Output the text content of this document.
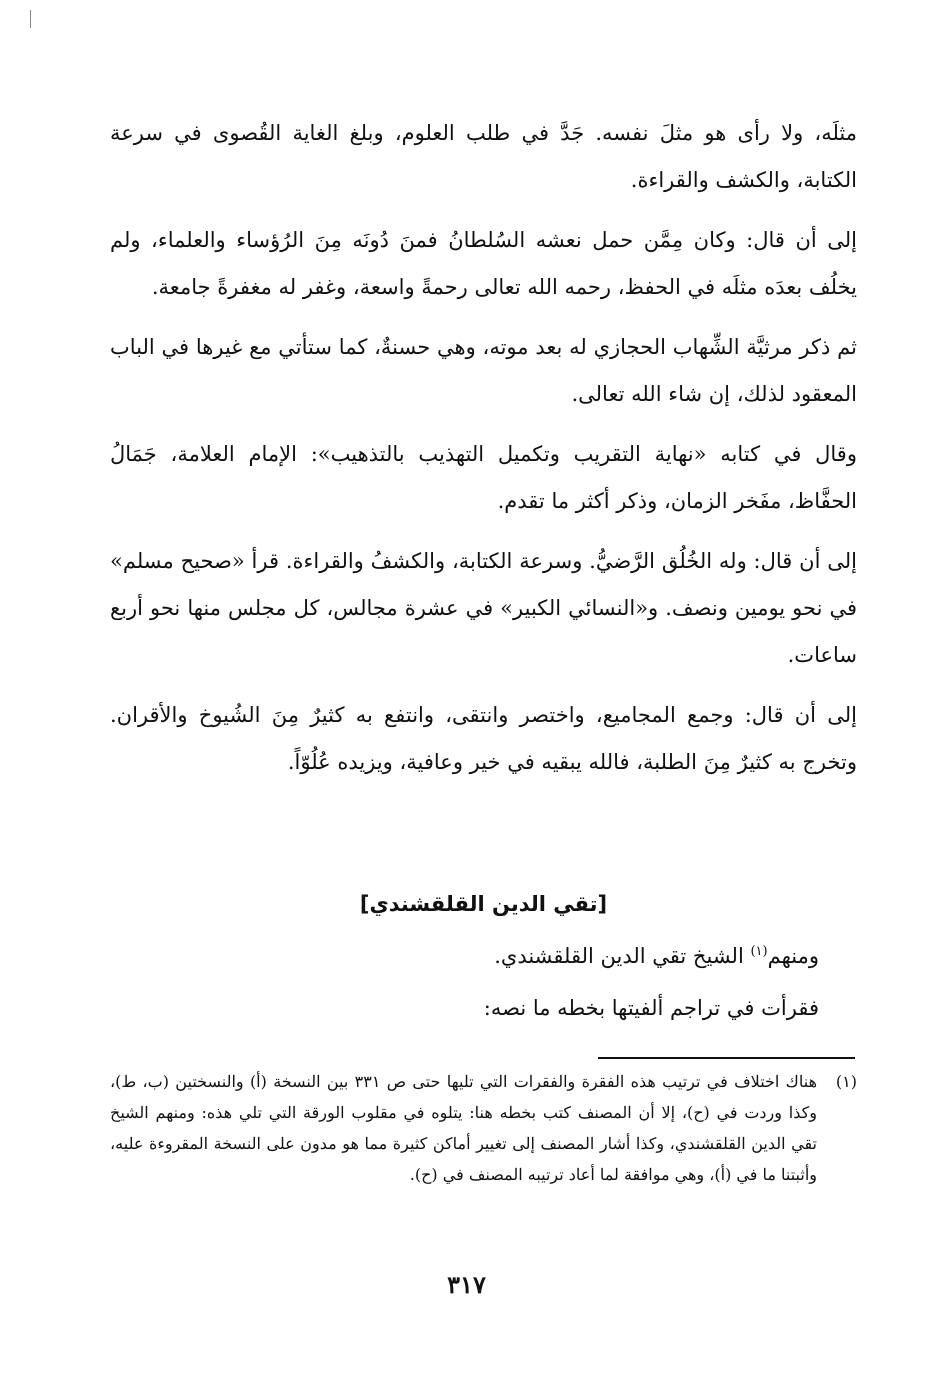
مثلَه، ولا رأى هو مثلَ نفسه. جَدَّ في طلب العلوم، وبلغ الغاية القُصوى في سرعة الكتابة، والكشف والقراءة.

إلى أن قال: وكان مِمَّن حمل نعشه السُلطانُ فمنَ دُونَه مِنَ الرُؤساء والعلماء، ولم يخلُف بعدَه مثلَه في الحفظ، رحمه الله تعالى رحمةً واسعة، وغفر له مغفرةً جامعة.

ثم ذكر مرثيَّة الشِّهاب الحجازي له بعد موته، وهي حسنةٌ، كما ستأتي مع غيرها في الباب المعقود لذلك، إن شاء الله تعالى.

وقال في كتابه «نهاية التقريب وتكميل التهذيب بالتذهيب»: الإمام العلامة، جَمَالُ الحفَّاظ، مفَخر الزمان، وذكر أكثر ما تقدم.

إلى أن قال: وله الخُلُق الرَّضيُّ. وسرعة الكتابة، والكشفُ والقراءة. قرأ «صحيح مسلم» في نحو يومين ونصف. و«النسائي الكبير» في عشرة مجالس، كل مجلس منها نحو أربع ساعات.

إلى أن قال: وجمع المجاميع، واختصر وانتقى، وانتفع به كثيرٌ مِنَ الشُيوخ والأقران. وتخرج به كثيرٌ مِنَ الطلبة، فالله يبقيه في خير وعافية، ويزيده عُلُوّاً.

[تقي الدين القلقشندي]

ومنهم$^{(١)}$ الشيخ تقي الدين القلقشندي.

فقرأت في تراجم ألفيتها بخطه ما نصه:

(١)
هناك اختلاف في ترتيب هذه الفقرة والفقرات التي تليها حتى ص ٣٣١ بين النسخة (أ) والنسختين (ب، ط)، وكذا وردت في (ح)، إلا أن المصنف كتب بخطه هنا: يتلوه في مقلوب الورقة التي تلي هذه: ومنهم الشيخ تقي الدين القلقشندي، وكذا أشار المصنف إلى تغيير أماكن كثيرة مما هو مدون على النسخة المقروءة عليه، وأثبتنا ما في (أ)، وهي موافقة لما أعاد ترتيبه المصنف في (ح).
٣١٧
